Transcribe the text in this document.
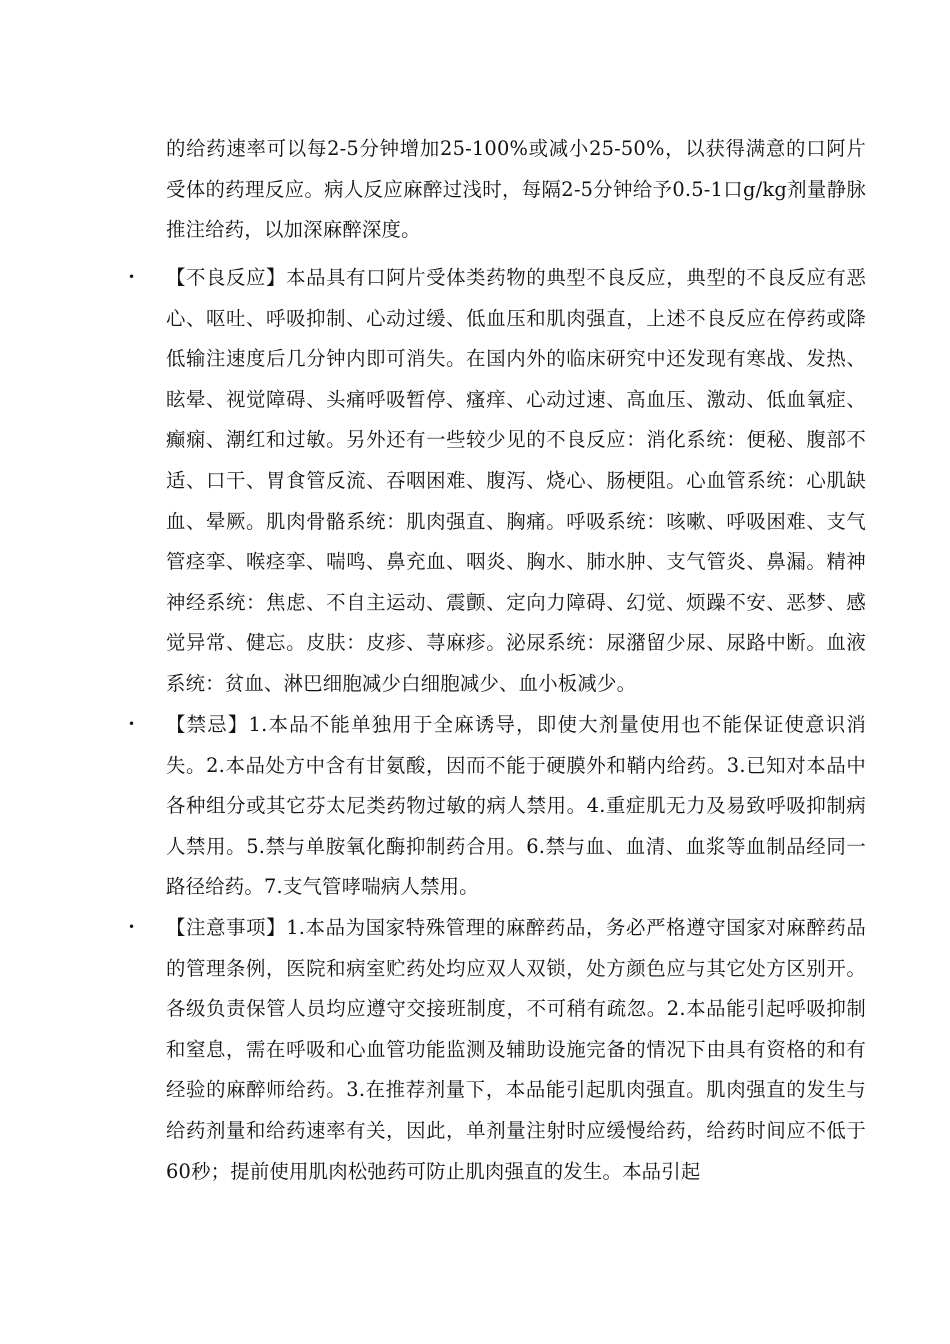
的给药速率可以每2-5分钟增加25-100%或减小25-50%，以获得满意的口阿片受体的药理反应。病人反应麻醉过浅时，每隔2-5分钟给予0.5-1口g/kg剂量静脉推注给药，以加深麻醉深度。

• 【不良反应】本品具有口阿片受体类药物的典型不良反应，典型的不良反应有恶心、呕吐、呼吸抑制、心动过缓、低血压和肌肉强直，上述不良反应在停药或降低输注速度后几分钟内即可消失。在国内外的临床研究中还发现有寒战、发热、眩晕、视觉障碍、头痛呼吸暂停、瘙痒、心动过速、高血压、激动、低血氧症、癫痫、潮红和过敏。另外还有一些较少见的不良反应：消化系统：便秘、腹部不适、口干、胃食管反流、吞咽困难、腹泻、烧心、肠梗阻。心血管系统：心肌缺血、晕厥。肌肉骨骼系统：肌肉强直、胸痛。呼吸系统：咳嗽、呼吸困难、支气管痉挛、喉痉挛、喘鸣、鼻充血、咽炎、胸水、肺水肿、支气管炎、鼻漏。精神神经系统：焦虑、不自主运动、震颤、定向力障碍、幻觉、烦躁不安、恶梦、感觉异常、健忘。皮肤：皮疹、荨麻疹。泌尿系统：尿潴留少尿、尿路中断。血液系统：贫血、淋巴细胞减少白细胞减少、血小板减少。

• 【禁忌】1.本品不能单独用于全麻诱导，即使大剂量使用也不能保证使意识消失。2.本品处方中含有甘氨酸，因而不能于硬膜外和鞘内给药。3.已知对本品中各种组分或其它芬太尼类药物过敏的病人禁用。4.重症肌无力及易致呼吸抑制病人禁用。5.禁与单胺氧化酶抑制药合用。6.禁与血、血清、血浆等血制品经同一路径给药。7.支气管哮喘病人禁用。

• 【注意事项】1.本品为国家特殊管理的麻醉药品，务必严格遵守国家对麻醉药品的管理条例，医院和病室贮药处均应双人双锁，处方颜色应与其它处方区别开。各级负责保管人员均应遵守交接班制度，不可稍有疏忽。2.本品能引起呼吸抑制和窒息，需在呼吸和心血管功能监测及辅助设施完备的情况下由具有资格的和有经验的麻醉师给药。3.在推荐剂量下，本品能引起肌肉强直。肌肉强直的发生与给药剂量和给药速率有关，因此，单剂量注射时应缓慢给药，给药时间应不低于60秒；提前使用肌肉松弛药可防止肌肉强直的发生。本品引起
